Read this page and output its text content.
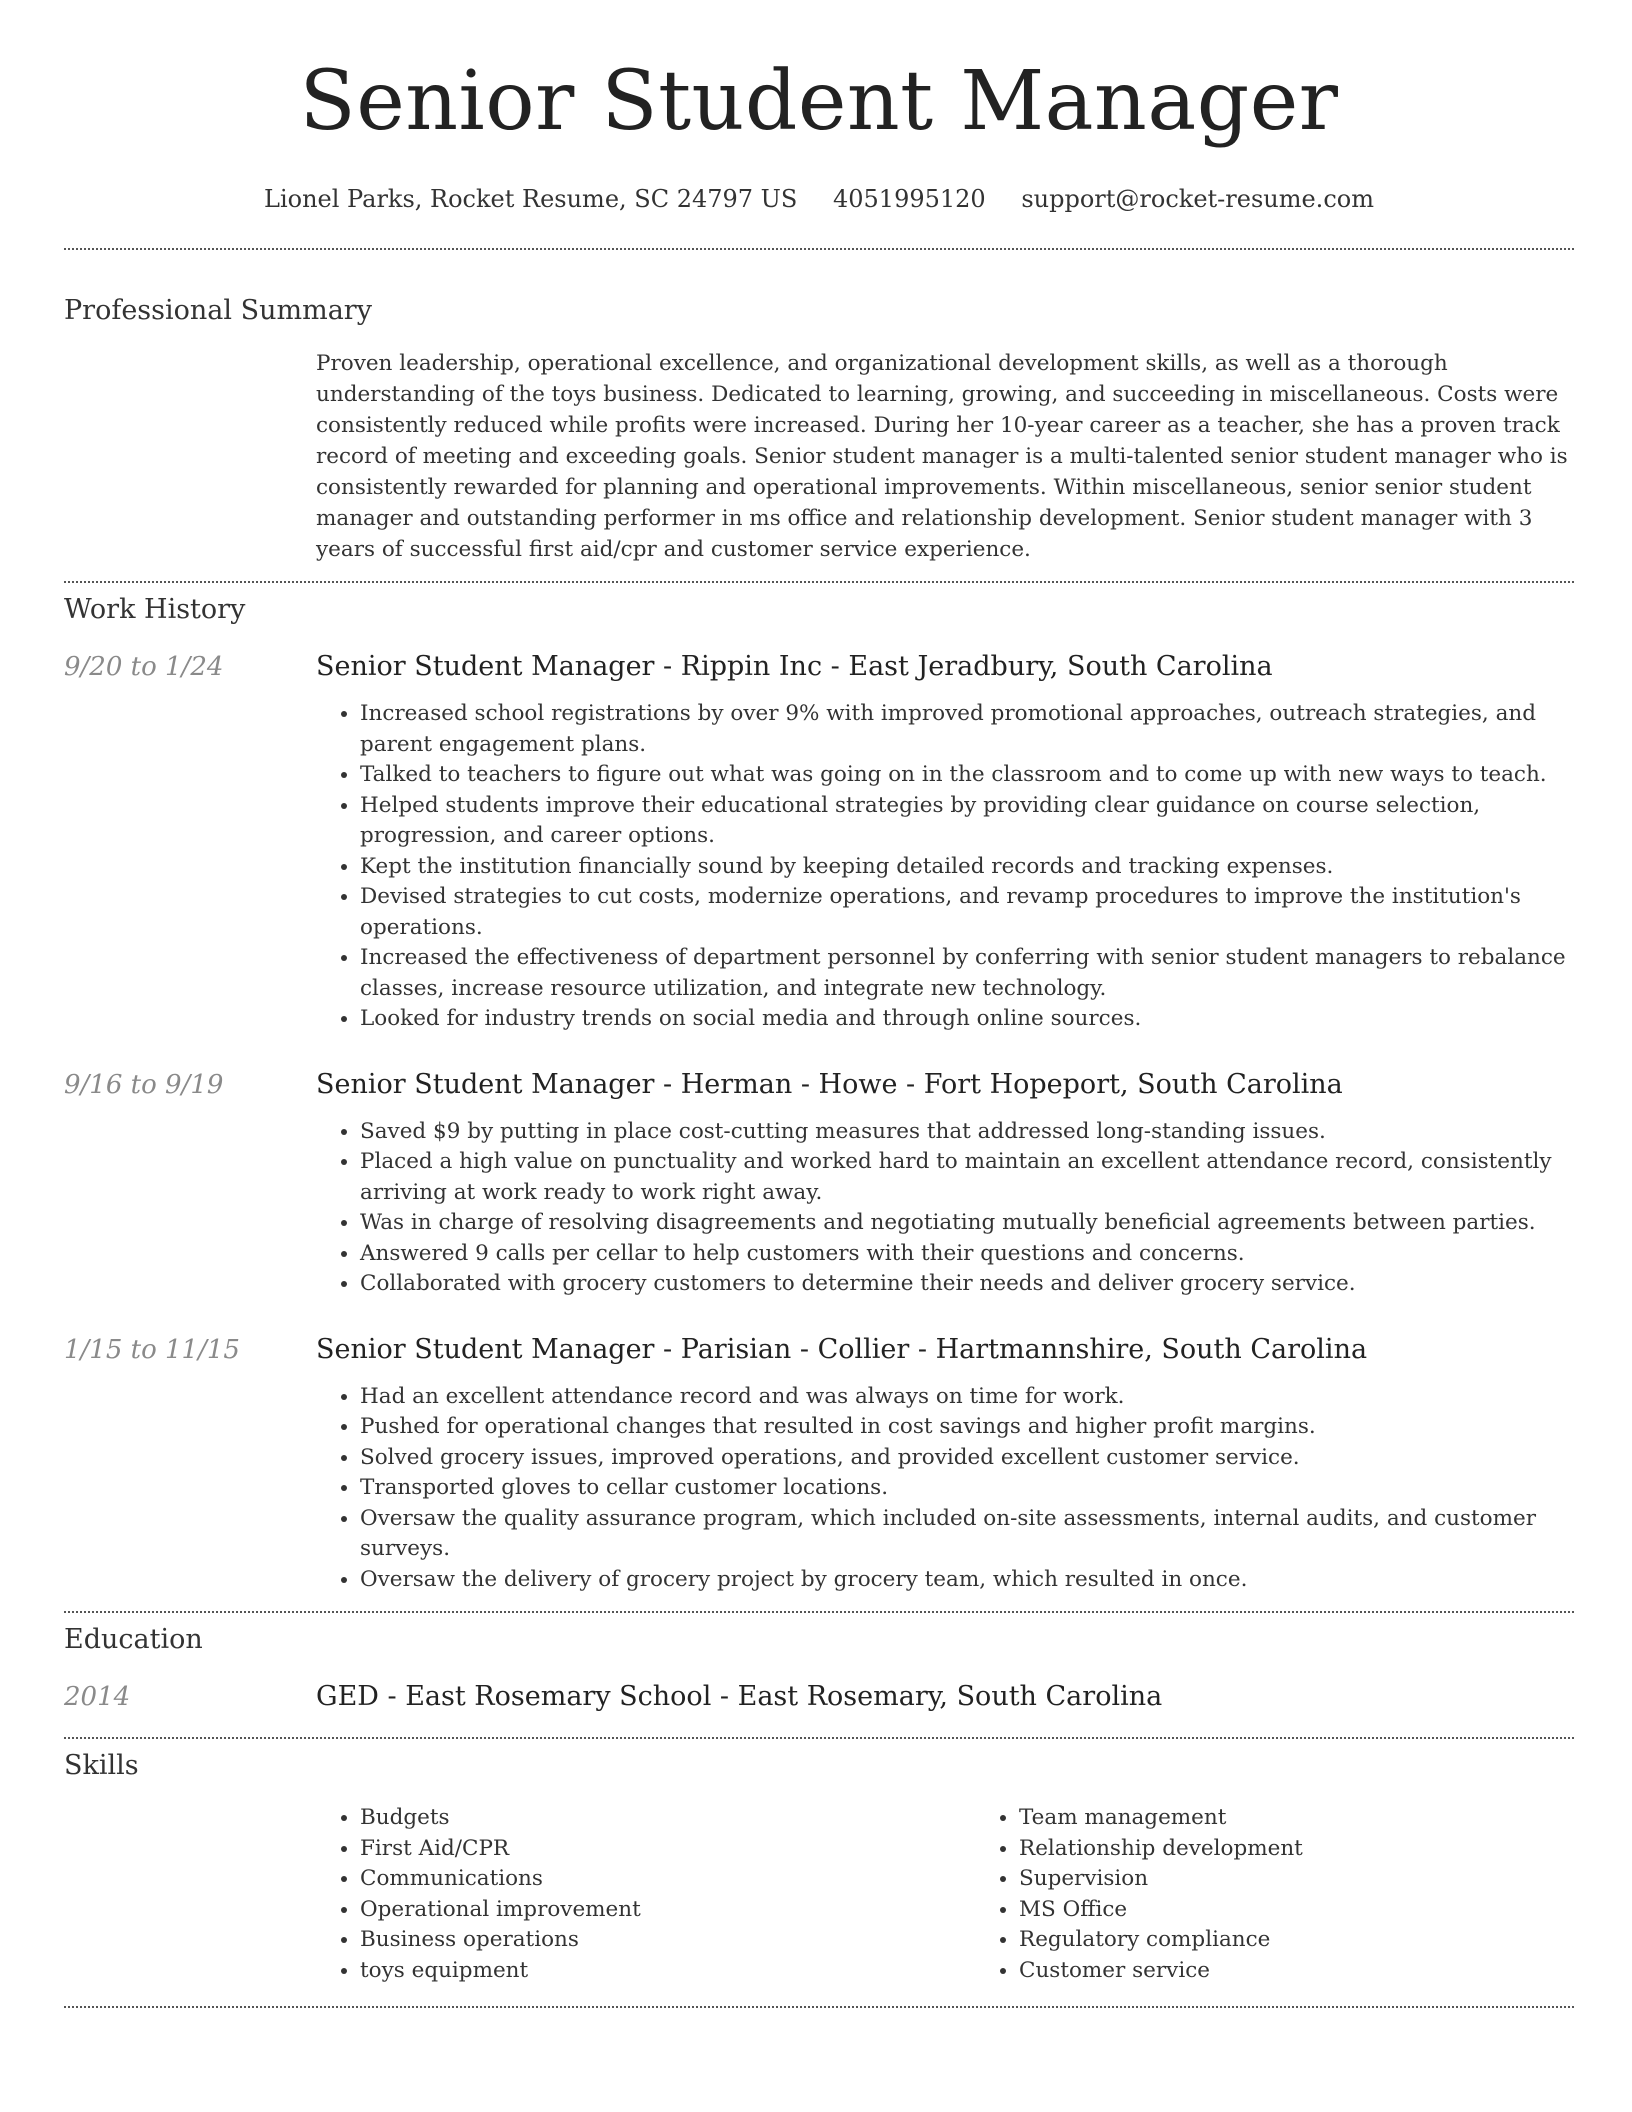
Senior Student Manager
Lionel Parks, Rocket Resume, SC 24797 US 4051995120 support@rocket-resume.com
Professional Summary
Proven leadership, operational excellence, and organizational development skills, as well as a thorough understanding of the toys business. Dedicated to learning, growing, and succeeding in miscellaneous. Costs were consistently reduced while profits were increased. During her 10-year career as a teacher, she has a proven track record of meeting and exceeding goals. Senior student manager is a multi-talented senior student manager who is consistently rewarded for planning and operational improvements. Within miscellaneous, senior senior student manager and outstanding performer in ms office and relationship development. Senior student manager with 3 years of successful first aid/cpr and customer service experience.
Work History
9/20 to 1/24	Senior Student Manager - Rippin Inc - East Jeradbury, South Carolina
• Increased school registrations by over 9% with improved promotional approaches, outreach strategies, and parent engagement plans.
• Talked to teachers to figure out what was going on in the classroom and to come up with new ways to teach.
• Helped students improve their educational strategies by providing clear guidance on course selection, progression, and career options.
• Kept the institution financially sound by keeping detailed records and tracking expenses.
• Devised strategies to cut costs, modernize operations, and revamp procedures to improve the institution's operations.
• Increased the effectiveness of department personnel by conferring with senior student managers to rebalance classes, increase resource utilization, and integrate new technology.
• Looked for industry trends on social media and through online sources.
9/16 to 9/19	Senior Student Manager - Herman - Howe - Fort Hopeport, South Carolina
• Saved $9 by putting in place cost-cutting measures that addressed long-standing issues.
• Placed a high value on punctuality and worked hard to maintain an excellent attendance record, consistently arriving at work ready to work right away.
• Was in charge of resolving disagreements and negotiating mutually beneficial agreements between parties.
• Answered 9 calls per cellar to help customers with their questions and concerns.
• Collaborated with grocery customers to determine their needs and deliver grocery service.
1/15 to 11/15	Senior Student Manager - Parisian - Collier - Hartmannshire, South Carolina
• Had an excellent attendance record and was always on time for work.
• Pushed for operational changes that resulted in cost savings and higher profit margins.
• Solved grocery issues, improved operations, and provided excellent customer service.
• Transported gloves to cellar customer locations.
• Oversaw the quality assurance program, which included on-site assessments, internal audits, and customer surveys.
• Oversaw the delivery of grocery project by grocery team, which resulted in once.
Education
2014	GED - East Rosemary School - East Rosemary, South Carolina
Skills
• Budgets
• First Aid/CPR
• Communications
• Operational improvement
• Business operations
• toys equipment
• Team management
• Relationship development
• Supervision
• MS Office
• Regulatory compliance
• Customer service
